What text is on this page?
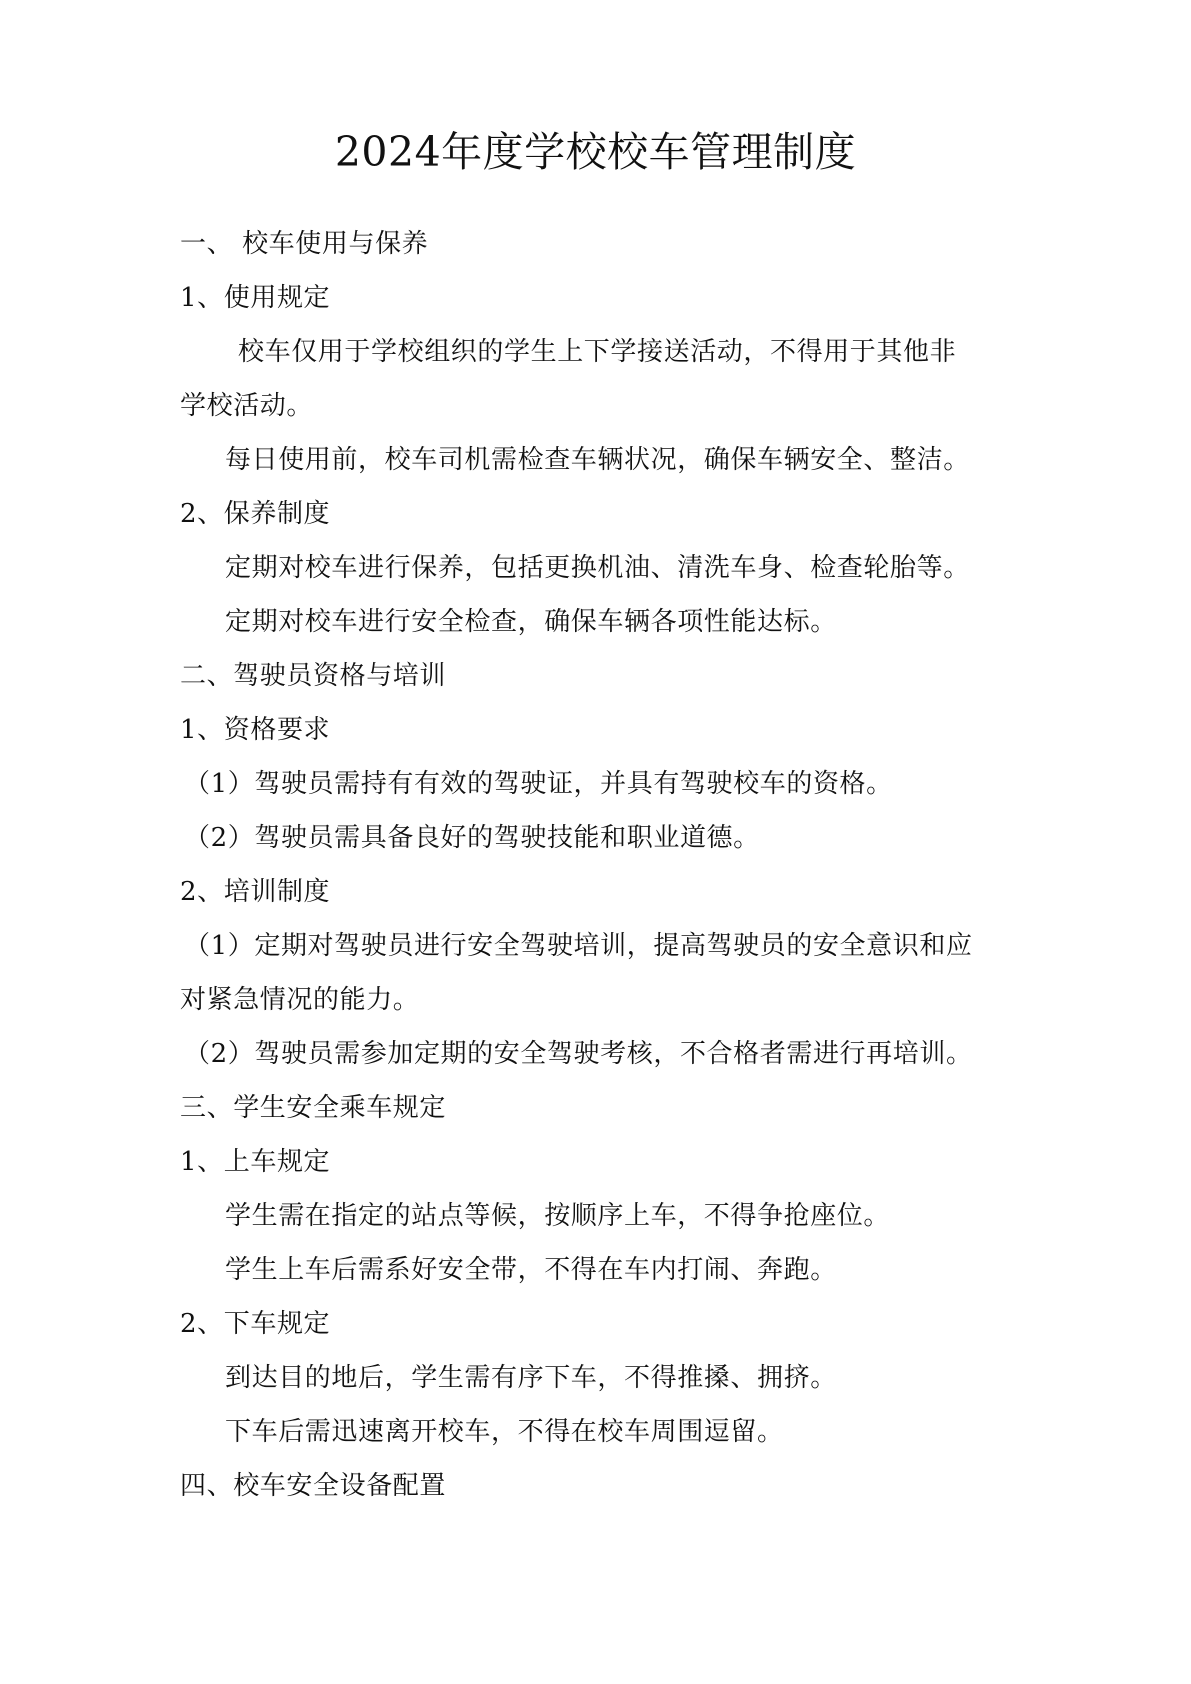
2024年度学校校车管理制度
一、 校车使用与保养
1、使用规定
校车仅用于学校组织的学生上下学接送活动，不得用于其他非
学校活动。
每日使用前，校车司机需检查车辆状况，确保车辆安全、整洁。
2、保养制度
定期对校车进行保养，包括更换机油、清洗车身、检查轮胎等。
定期对校车进行安全检查，确保车辆各项性能达标。
二、驾驶员资格与培训
1、资格要求
（1）驾驶员需持有有效的驾驶证，并具有驾驶校车的资格。
（2）驾驶员需具备良好的驾驶技能和职业道德。
2、培训制度
（1）定期对驾驶员进行安全驾驶培训，提高驾驶员的安全意识和应
对紧急情况的能力。
（2）驾驶员需参加定期的安全驾驶考核，不合格者需进行再培训。
三、学生安全乘车规定
1、上车规定
学生需在指定的站点等候，按顺序上车，不得争抢座位。
学生上车后需系好安全带，不得在车内打闹、奔跑。
2、下车规定
到达目的地后，学生需有序下车，不得推搡、拥挤。
下车后需迅速离开校车，不得在校车周围逗留。
四、校车安全设备配置
